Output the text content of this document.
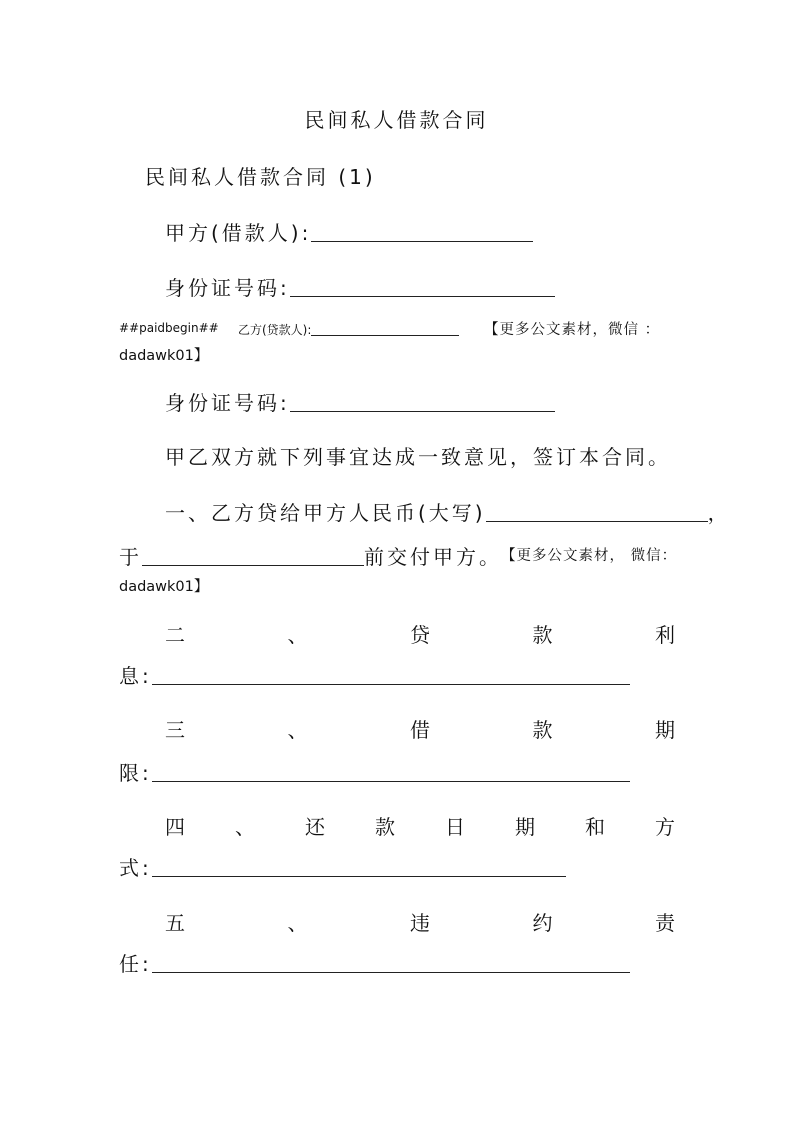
民间私人借款合同
民间私人借款合同 (1)
甲方(借款人):
身份证号码:
##paidbegin## 乙方(贷款人):	【更多公文素材，微信 ：
dadawk01】
身份证号码:
甲乙双方就下列事宜达成一致意见，签订本合同。
一、乙方贷给甲方人民币(大写)	，
于	前交付甲方。 【更多公文素材， 微信：
dadawk01】
二	、	贷	款	利
息:
三	、	借	款	期
限:
四	、	还	款	日	期	和	方
式:
五	、	违	约	责
任:
